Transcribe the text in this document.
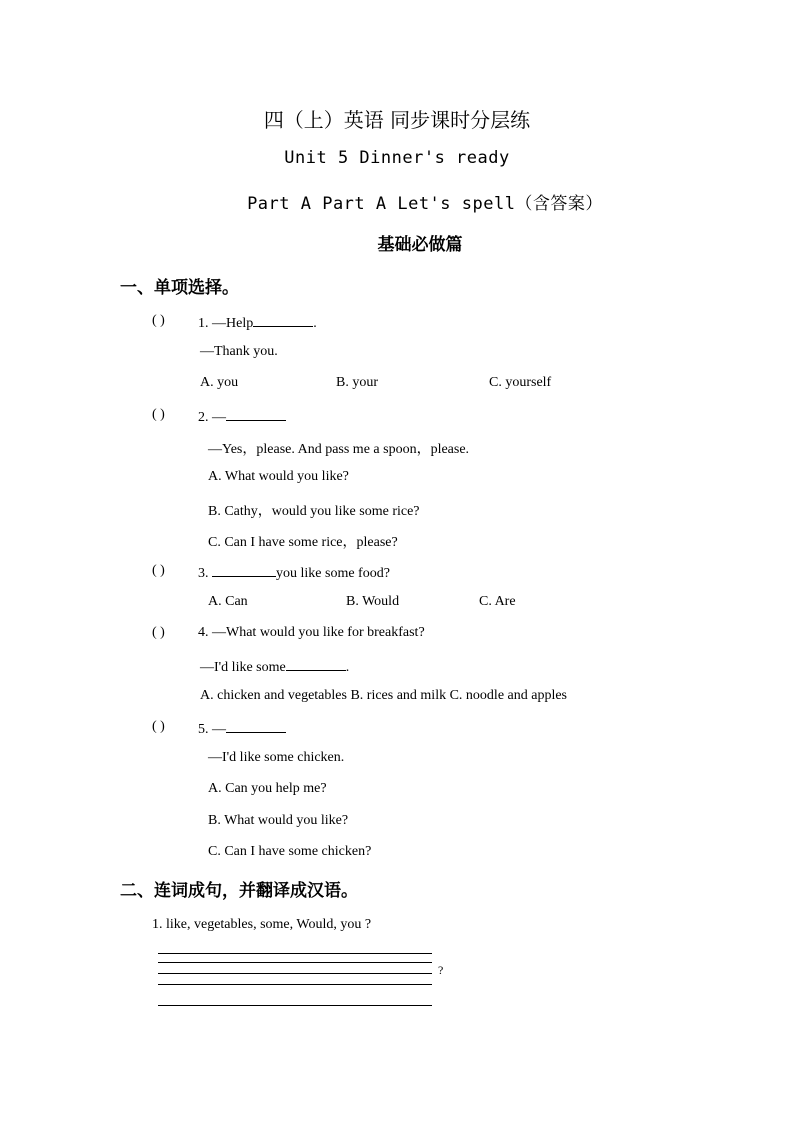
四（上）英语 同步课时分层练
Unit 5 Dinner's ready
Part A Part A Let's spell（含答案）
基础必做篇
一、单项选择。
( ) 1. —Help	.
—Thank you.
A. you	B. your	C. yourself
( ) 2. —
—Yes，please. And pass me a spoon，please.
A. What would you like?
B. Cathy，would you like some rice?
C. Can I have some rice，please?
( ) 3.	you like some food?
A. Can	B. Would	C. Are
( ) 4. —What would you like for breakfast?
—I'd like some	.
A. chicken and vegetables B. rices and milk C. noodle and apples
( ) 5. —
—I'd like some chicken.
A. Can you help me?
B. What would you like?
C. Can I have some chicken?
二、连词成句，并翻译成汉语。
1. like, vegetables, some, Would, you ?
?
